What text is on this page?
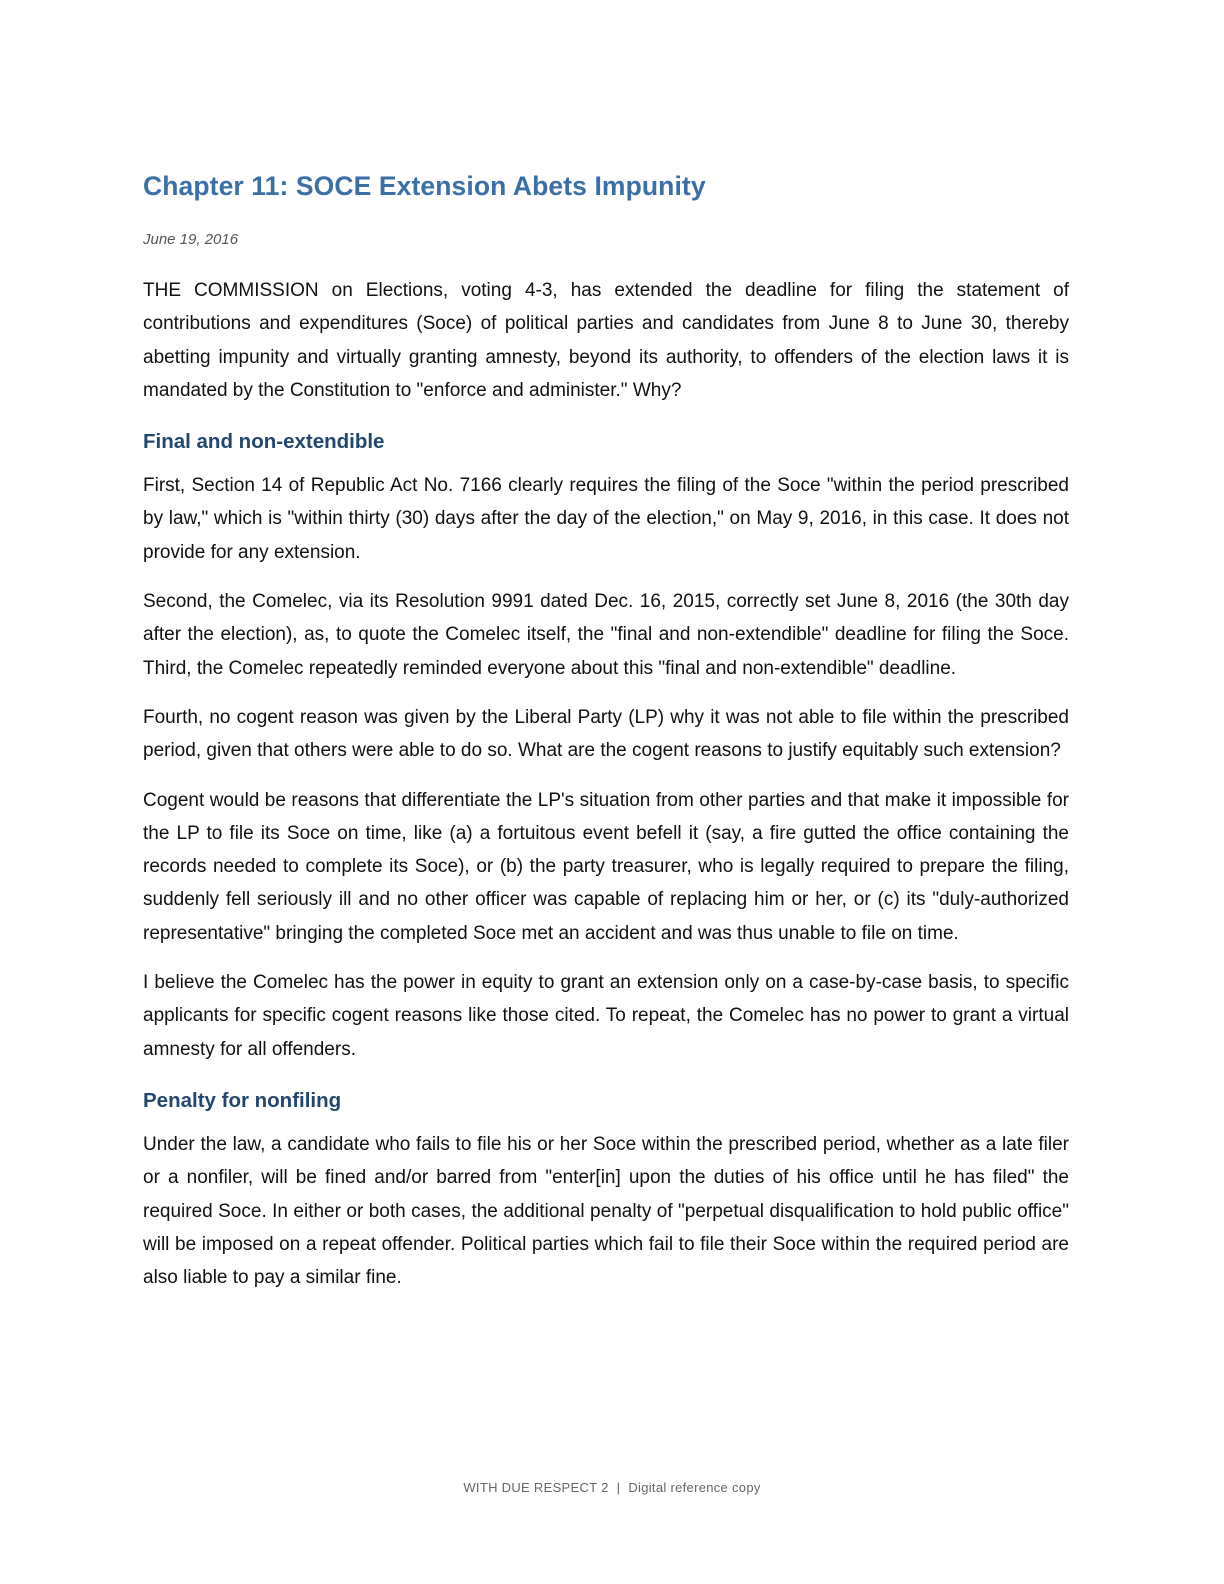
Chapter 11: SOCE Extension Abets Impunity

June 19, 2016

THE COMMISSION on Elections, voting 4-3, has extended the deadline for filing the statement of contributions and expenditures (Soce) of political parties and candidates from June 8 to June 30, thereby abetting impunity and virtually granting amnesty, beyond its authority, to offenders of the election laws it is mandated by the Constitution to "enforce and administer." Why?

Final and non-extendible

First, Section 14 of Republic Act No. 7166 clearly requires the filing of the Soce "within the period prescribed by law," which is "within thirty (30) days after the day of the election," on May 9, 2016, in this case. It does not provide for any extension.

Second, the Comelec, via its Resolution 9991 dated Dec. 16, 2015, correctly set June 8, 2016 (the 30th day after the election), as, to quote the Comelec itself, the "final and non-extendible" deadline for filing the Soce. Third, the Comelec repeatedly reminded everyone about this "final and non-extendible" deadline.

Fourth, no cogent reason was given by the Liberal Party (LP) why it was not able to file within the prescribed period, given that others were able to do so. What are the cogent reasons to justify equitably such extension?

Cogent would be reasons that differentiate the LP's situation from other parties and that make it impossible for the LP to file its Soce on time, like (a) a fortuitous event befell it (say, a fire gutted the office containing the records needed to complete its Soce), or (b) the party treasurer, who is legally required to prepare the filing, suddenly fell seriously ill and no other officer was capable of replacing him or her, or (c) its "duly-authorized representative" bringing the completed Soce met an accident and was thus unable to file on time.

I believe the Comelec has the power in equity to grant an extension only on a case-by-case basis, to specific applicants for specific cogent reasons like those cited. To repeat, the Comelec has no power to grant a virtual amnesty for all offenders.

Penalty for nonfiling

Under the law, a candidate who fails to file his or her Soce within the prescribed period, whether as a late filer or a nonfiler, will be fined and/or barred from "enter[in] upon the duties of his office until he has filed" the required Soce. In either or both cases, the additional penalty of "perpetual disqualification to hold public office" will be imposed on a repeat offender. Political parties which fail to file their Soce within the required period are also liable to pay a similar fine.

WITH DUE RESPECT 2 | Digital reference copy
